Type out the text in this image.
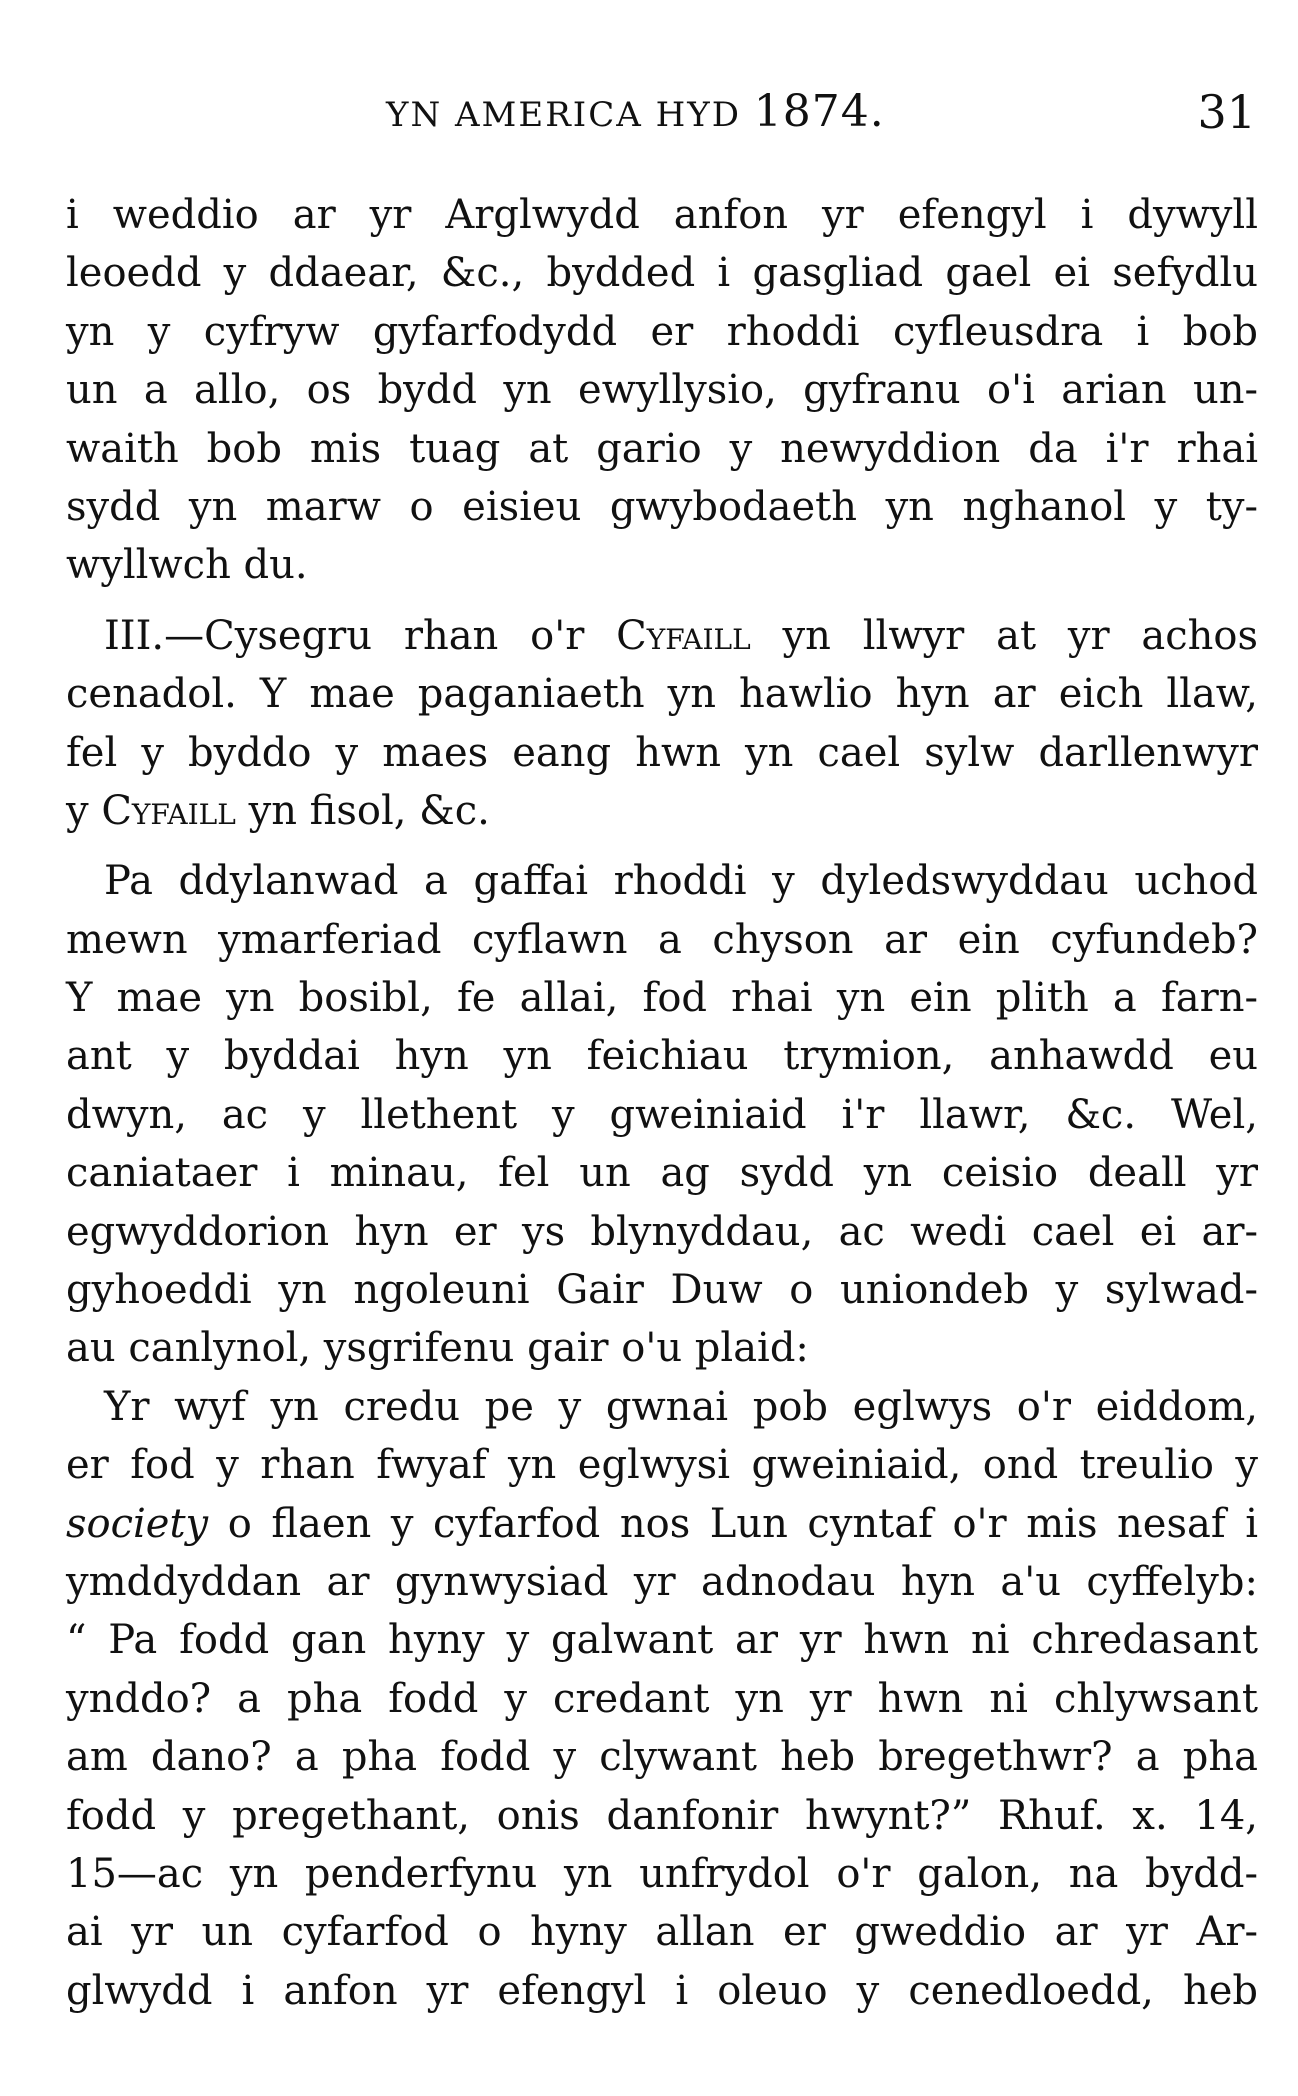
YN AMERICA HYD 1874.	31
i weddio ar yr Arglwydd anfon yr efengyl i dywyll
leoedd y ddaear, &c., bydded i gasgliad gael ei sefydlu
yn y cyfryw gyfarfodydd er rhoddi cyfleusdra i bob
un a allo, os bydd yn ewyllysio, gyfranu o'i arian un-
waith bob mis tuag at gario y newyddion da i'r rhai
sydd yn marw o eisieu gwybodaeth yn nghanol y ty-
wyllwch du.
III.—Cysegru rhan o'r Cyfaill yn llwyr at yr achos
cenadol. Y mae paganiaeth yn hawlio hyn ar eich llaw,
fel y byddo y maes eang hwn yn cael sylw darllenwyr
y Cyfaill yn fisol, &c.
Pa ddylanwad a gaffai rhoddi y dyledswyddau uchod
mewn ymarferiad cyflawn a chyson ar ein cyfundeb?
Y mae yn bosibl, fe allai, fod rhai yn ein plith a farn-
ant y byddai hyn yn feichiau trymion, anhawdd eu
dwyn, ac y llethent y gweiniaid i'r llawr, &c. Wel,
caniataer i minau, fel un ag sydd yn ceisio deall yr
egwyddorion hyn er ys blynyddau, ac wedi cael ei ar-
gyhoeddi yn ngoleuni Gair Duw o uniondeb y sylwad-
au canlynol, ysgrifenu gair o'u plaid:
Yr wyf yn credu pe y gwnai pob eglwys o'r eiddom,
er fod y rhan fwyaf yn eglwysi gweiniaid, ond treulio y
society o flaen y cyfarfod nos Lun cyntaf o'r mis nesaf i
ymddyddan ar gynwysiad yr adnodau hyn a'u cyffelyb:
“ Pa fodd gan hyny y galwant ar yr hwn ni chredasant
ynddo? a pha fodd y credant yn yr hwn ni chlywsant
am dano? a pha fodd y clywant heb bregethwr? a pha
fodd y pregethant, onis danfonir hwynt?” Rhuf. x. 14,
15—ac yn penderfynu yn unfrydol o'r galon, na bydd-
ai yr un cyfarfod o hyny allan er gweddio ar yr Ar-
glwydd i anfon yr efengyl i oleuo y cenedloedd, heb
